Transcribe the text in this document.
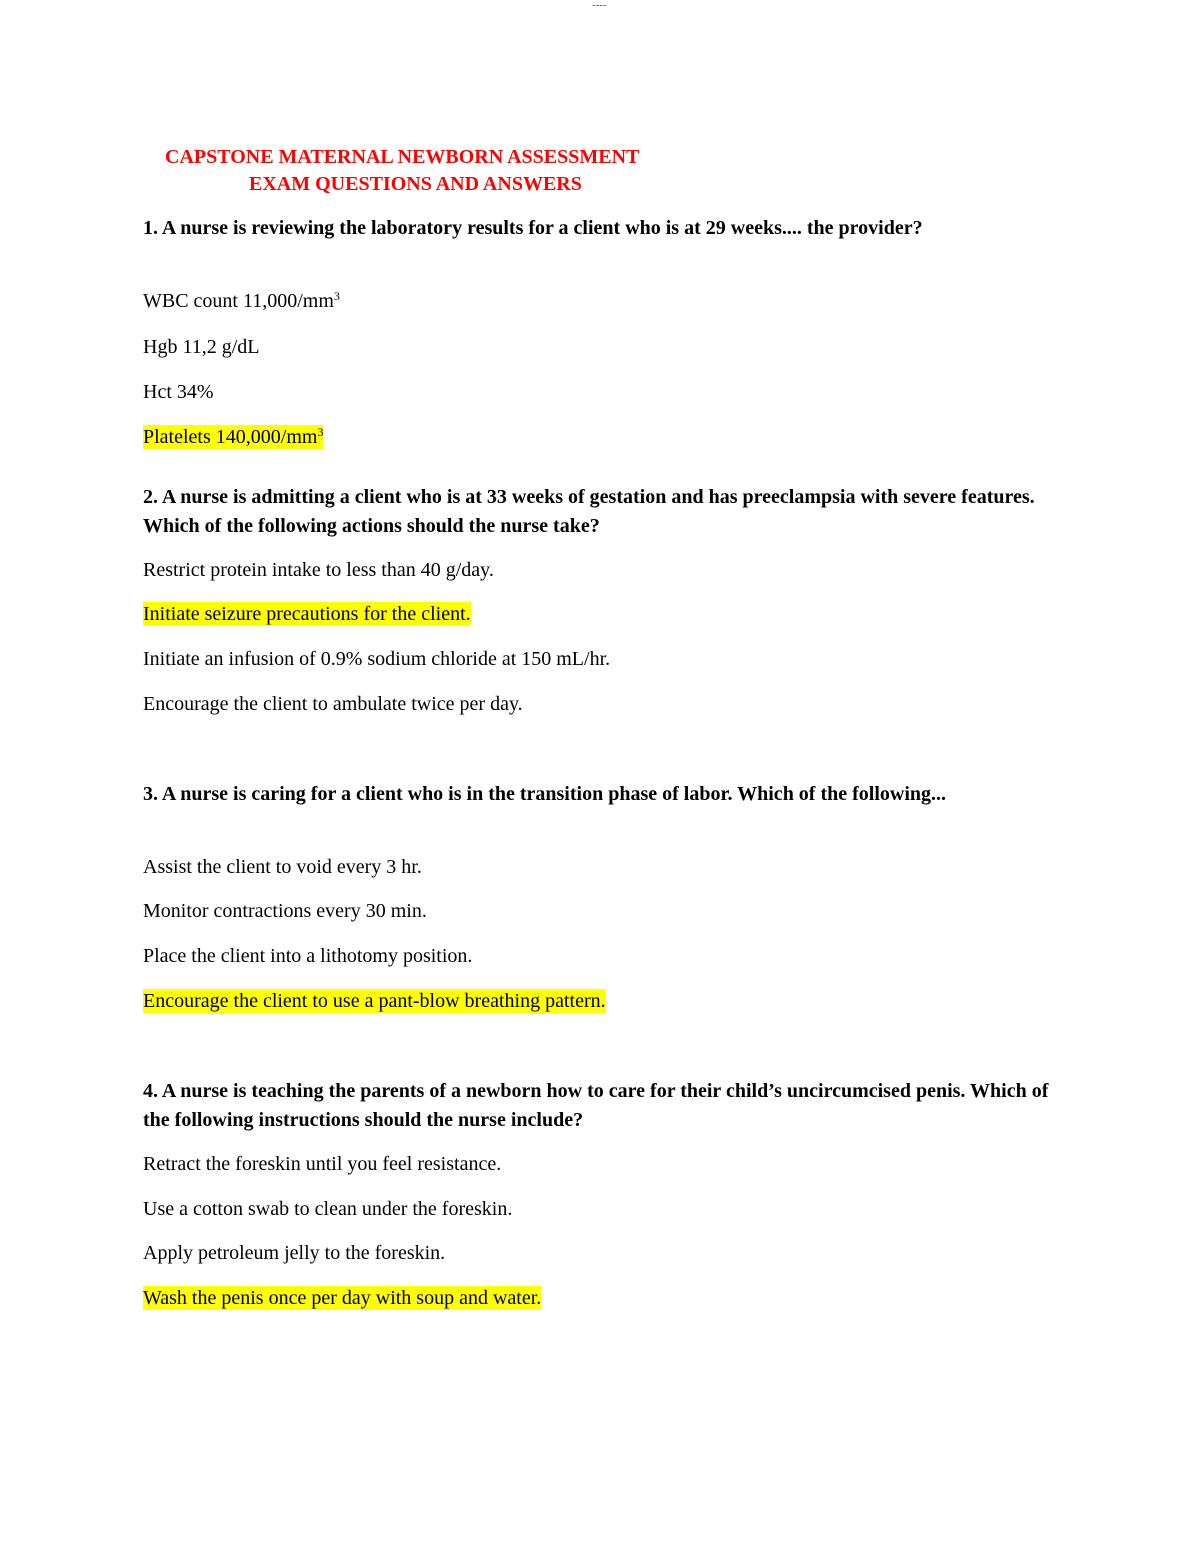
----
CAPSTONE MATERNAL NEWBORN ASSESSMENT
EXAM QUESTIONS AND ANSWERS
1. A nurse is reviewing the laboratory results for a client who is at 29 weeks.... the provider?
WBC count $11,000/mm^3$
Hgb 11,2 g/dL
Hct 34%
Platelets $140,000/mm^3$
2. A nurse is admitting a client who is at 33 weeks of gestation and has preeclampsia with severe features. Which of the following actions should the nurse take?
Restrict protein intake to less than 40 g/day.
Initiate seizure precautions for the client.
Initiate an infusion of 0.9% sodium chloride at 150 mL/hr.
Encourage the client to ambulate twice per day.
3. A nurse is caring for a client who is in the transition phase of labor. Which of the following...
Assist the client to void every 3 hr.
Monitor contractions every 30 min.
Place the client into a lithotomy position.
Encourage the client to use a pant-blow breathing pattern.
4. A nurse is teaching the parents of a newborn how to care for their child’s uncircumcised penis. Which of the following instructions should the nurse include?
Retract the foreskin until you feel resistance.
Use a cotton swab to clean under the foreskin.
Apply petroleum jelly to the foreskin.
Wash the penis once per day with soup and water.
